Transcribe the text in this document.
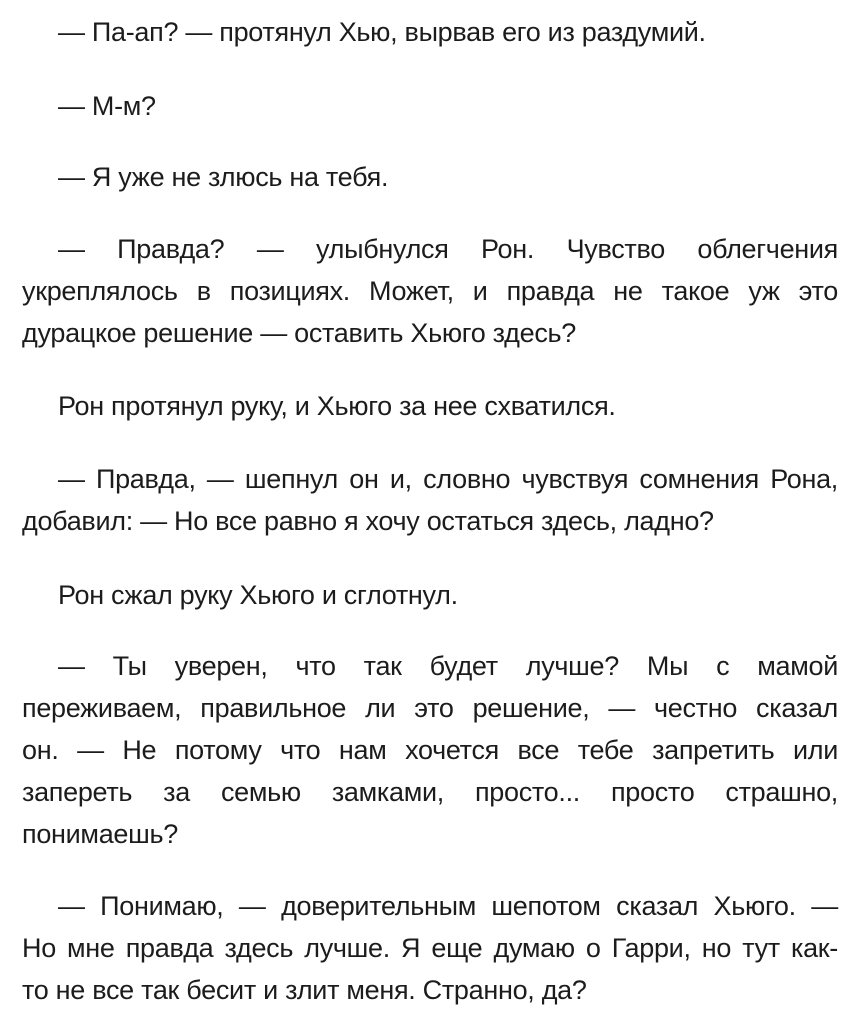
— Па-ап? — протянул Хью, вырвав его из раздумий.

— М-м?

— Я уже не злюсь на тебя.

— Правда? — улыбнулся Рон. Чувство облегчения
укреплялось в позициях. Может, и правда не такое уж это
дурацкое решение — оставить Хьюго здесь?

Рон протянул руку, и Хьюго за нее схватился.

— Правда, — шепнул он и, словно чувствуя сомнения Рона,
добавил: — Но все равно я хочу остаться здесь, ладно?

Рон сжал руку Хьюго и сглотнул.

— Ты уверен, что так будет лучше? Мы с мамой
переживаем, правильное ли это решение, — честно сказал
он. — Не потому что нам хочется все тебе запретить или
запереть за семью замками, просто... просто страшно,
понимаешь?

— Понимаю, — доверительным шепотом сказал Хьюго. —
Но мне правда здесь лучше. Я еще думаю о Гарри, но тут как-
то не все так бесит и злит меня. Странно, да?
